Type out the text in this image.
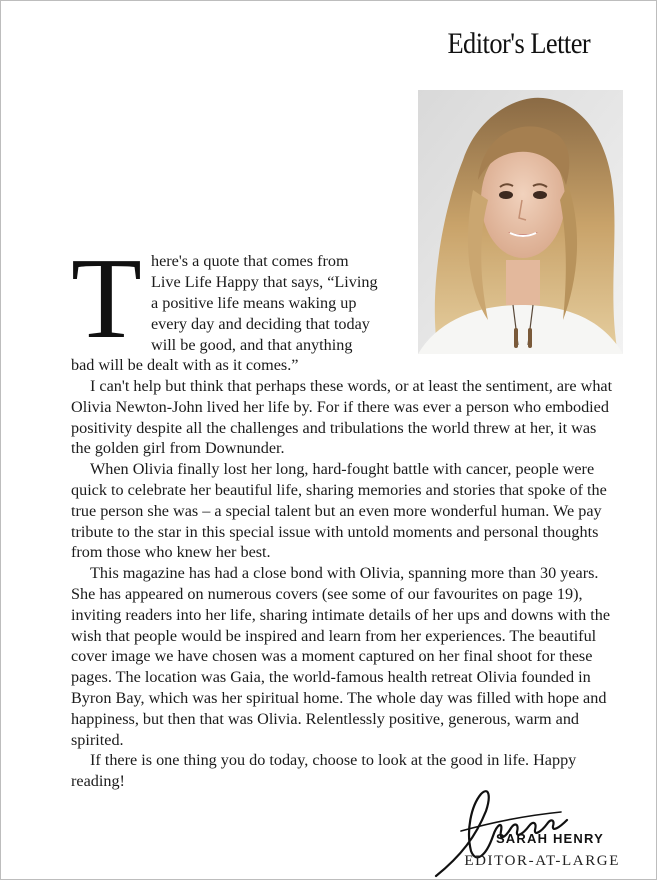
Editor's Letter
T here's a quote that comes from
Live Life Happy that says, “Living
a positive life means waking up
every day and deciding that today
will be good, and that anything
bad will be dealt with as it comes.”

I can't help but think that perhaps these words, or at least the sentiment, are what Olivia Newton-John lived her life by. For if there was ever a person who embodied positivity despite all the challenges and tribulations the world threw at her, it was the golden girl from Downunder.

When Olivia finally lost her long, hard-fought battle with cancer, people were quick to celebrate her beautiful life, sharing memories and stories that spoke of the true person she was – a special talent but an even more wonderful human. We pay tribute to the star in this special issue with untold moments and personal thoughts from those who knew her best.

This magazine has had a close bond with Olivia, spanning more than 30 years. She has appeared on numerous covers (see some of our favourites on page 19), inviting readers into her life, sharing intimate details of her ups and downs with the wish that people would be inspired and learn from her experiences. The beautiful cover image we have chosen was a moment captured on her final shoot for these pages. The location was Gaia, the world-famous health retreat Olivia founded in Byron Bay, which was her spiritual home. The whole day was filled with hope and happiness, but then that was Olivia. Relentlessly positive, generous, warm and spirited.

If there is one thing you do today, choose to look at the good in life. Happy reading!

SARAH HENRY
EDITOR-AT-LARGE
